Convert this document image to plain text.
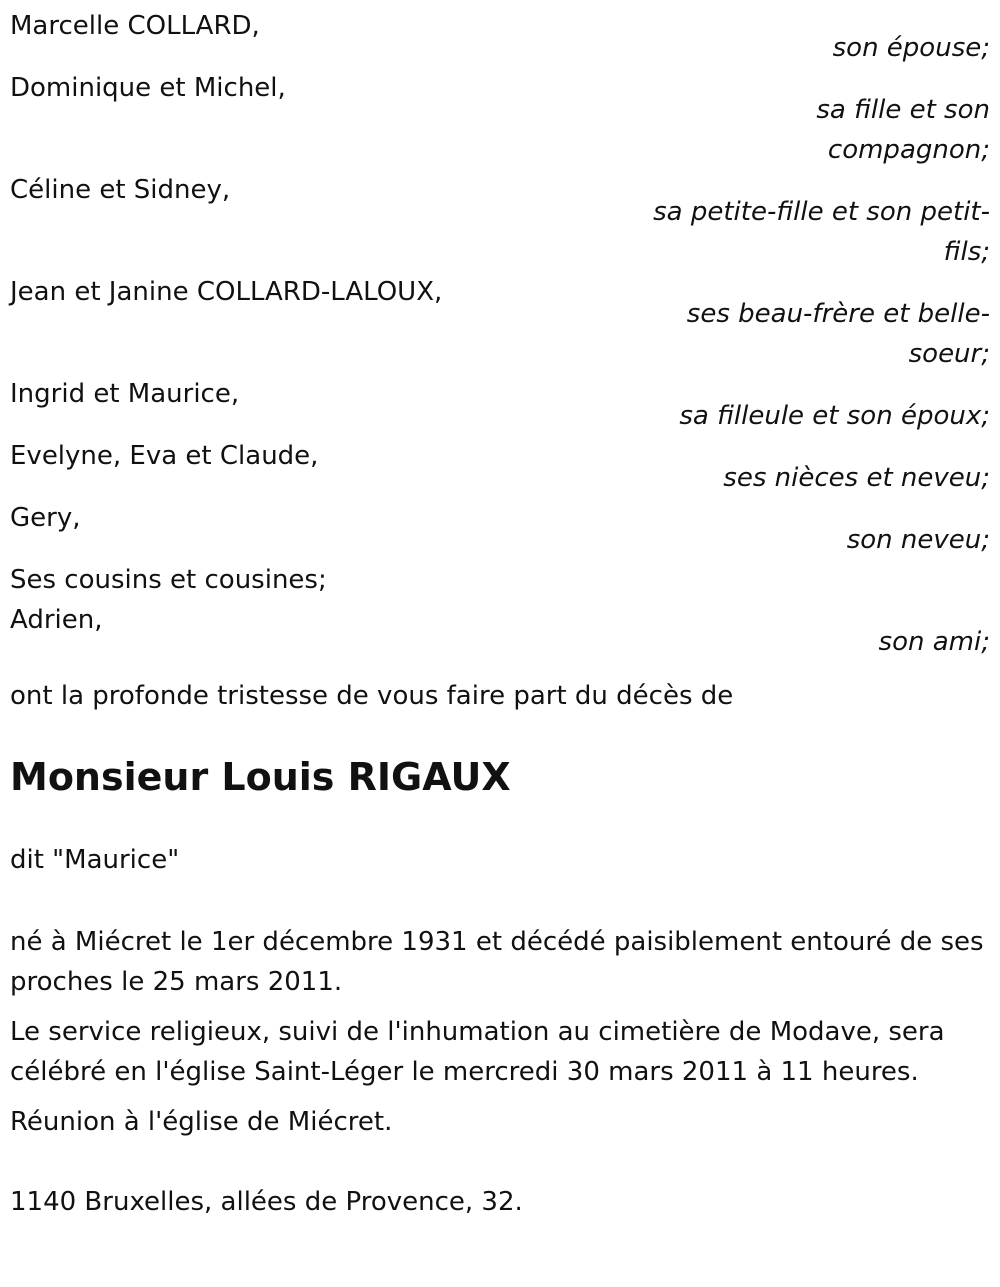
Marcelle COLLARD,
son épouse;
Dominique et Michel,
sa fille et son compagnon;
Céline et Sidney,
sa petite-fille et son petit-fils;
Jean et Janine COLLARD-LALOUX,
ses beau-frère et belle-soeur;
Ingrid et Maurice,
sa filleule et son époux;
Evelyne, Eva et Claude,
ses nièces et neveu;
Gery,
son neveu;
Ses cousins et cousines;
Adrien,
son ami;
ont la profonde tristesse de vous faire part du décès de
Monsieur Louis RIGAUX
dit "Maurice"
né à Miécret le 1er décembre 1931 et décédé paisiblement entouré de ses proches le 25 mars 2011.
Le service religieux, suivi de l'inhumation au cimetière de Modave, sera célébré en l'église Saint-Léger le mercredi 30 mars 2011 à 11 heures.
Réunion à l'église de Miécret.
1140 Bruxelles, allées de Provence, 32.
